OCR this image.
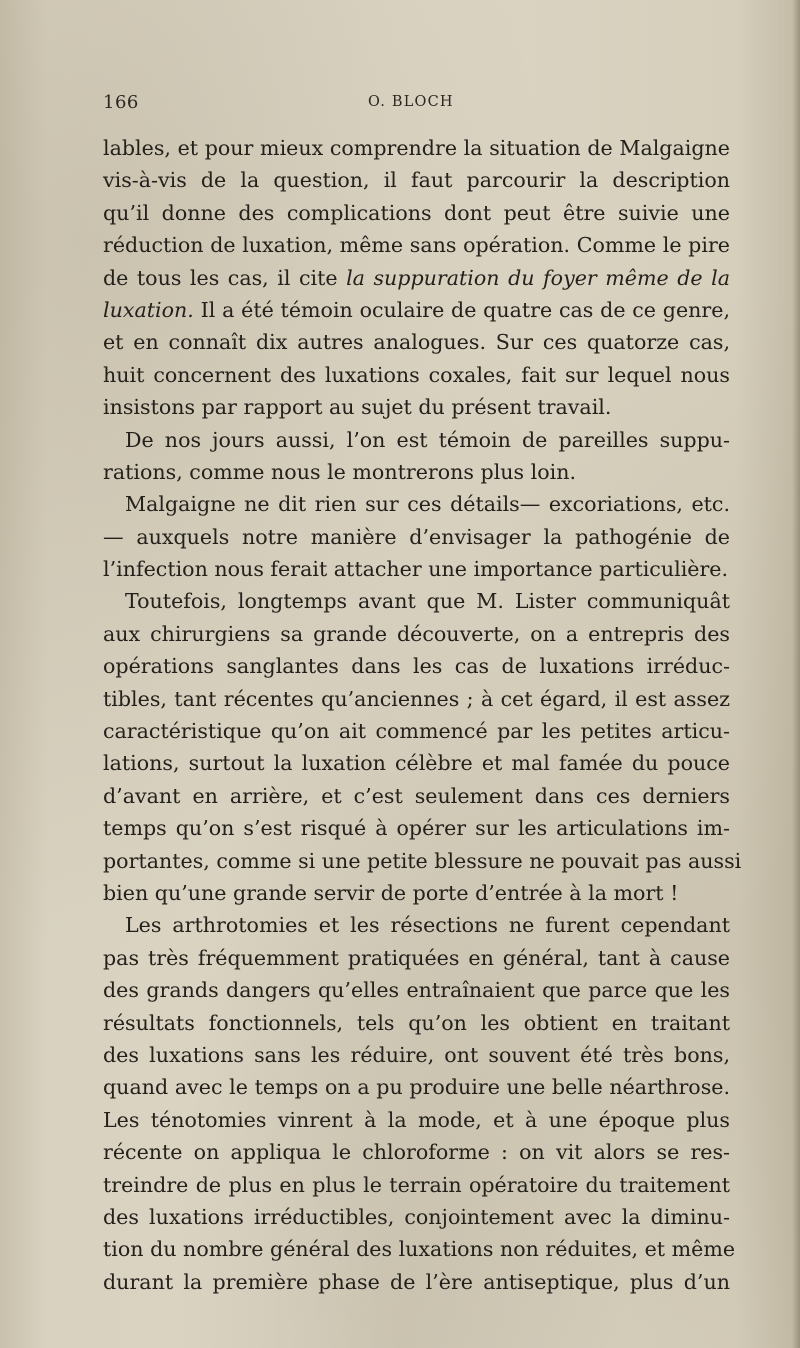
166	O. BLOCH
lables, et pour mieux comprendre la situation de Malgaigne
vis-à-vis de la question, il faut parcourir la description
qu’il donne des complications dont peut être suivie une
réduction de luxation, même sans opération. Comme le pire
de tous les cas, il cite la suppuration du foyer même de la
luxation. Il a été témoin oculaire de quatre cas de ce genre,
et en connaît dix autres analogues. Sur ces quatorze cas,
huit concernent des luxations coxales, fait sur lequel nous
insistons par rapport au sujet du présent travail.
De nos jours aussi, l’on est témoin de pareilles suppu-
rations, comme nous le montrerons plus loin.
Malgaigne ne dit rien sur ces détails— excoriations, etc.
— auxquels notre manière d’envisager la pathogénie de
l’infection nous ferait attacher une importance particulière.
Toutefois, longtemps avant que M. Lister communiquât
aux chirurgiens sa grande découverte, on a entrepris des
opérations sanglantes dans les cas de luxations irréduc-
tibles, tant récentes qu’anciennes ; à cet égard, il est assez
caractéristique qu’on ait commencé par les petites articu-
lations, surtout la luxation célèbre et mal famée du pouce
d’avant en arrière, et c’est seulement dans ces derniers
temps qu’on s’est risqué à opérer sur les articulations im-
portantes, comme si une petite blessure ne pouvait pas aussi
bien qu’une grande servir de porte d’entrée à la mort !
Les arthrotomies et les résections ne furent cependant
pas très fréquemment pratiquées en général, tant à cause
des grands dangers qu’elles entraînaient que parce que les
résultats fonctionnels, tels qu’on les obtient en traitant
des luxations sans les réduire, ont souvent été très bons,
quand avec le temps on a pu produire une belle néarthrose.
Les ténotomies vinrent à la mode, et à une époque plus
récente on appliqua le chloroforme : on vit alors se res-
treindre de plus en plus le terrain opératoire du traitement
des luxations irréductibles, conjointement avec la diminu-
tion du nombre général des luxations non réduites, et même
durant la première phase de l’ère antiseptique, plus d’un
